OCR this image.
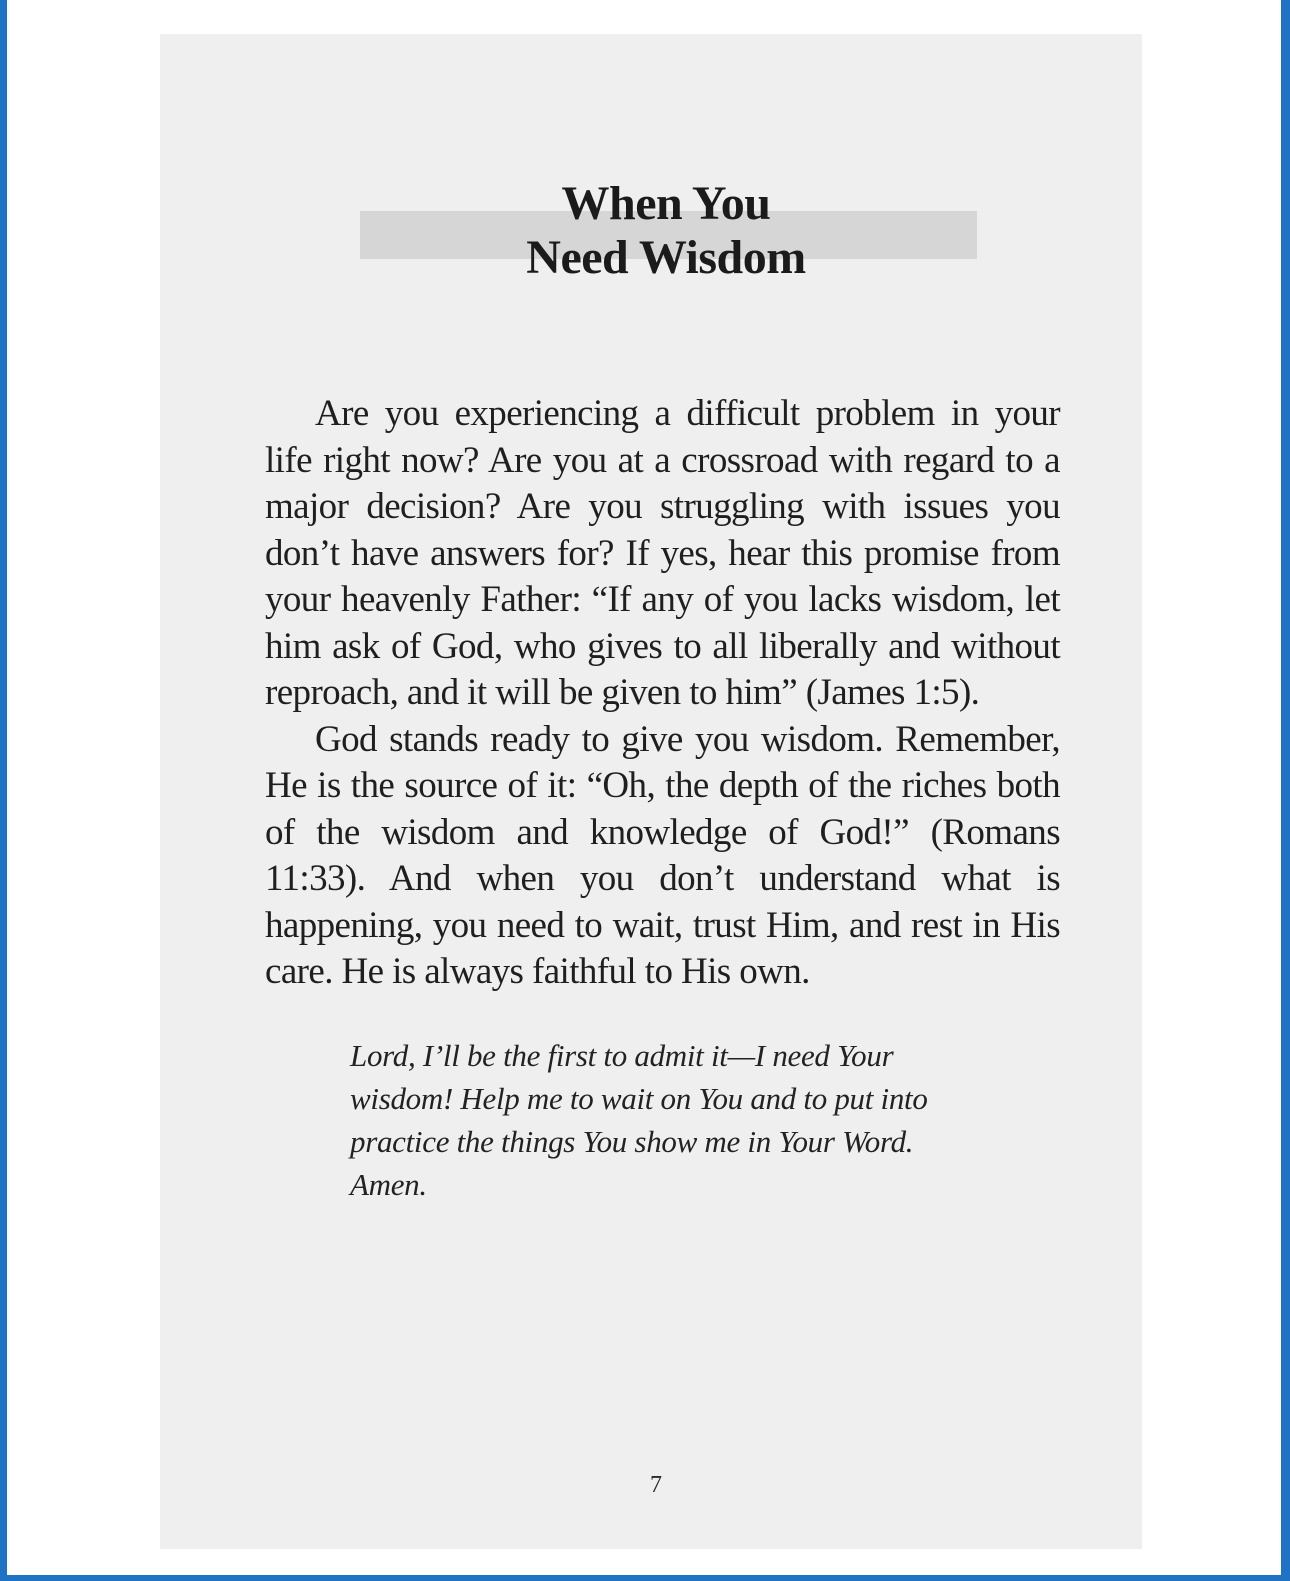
When You
Need Wisdom

Are you experiencing a difficult problem in your life right now? Are you at a crossroad with regard to a major decision? Are you struggling with issues you don’t have answers for? If yes, hear this promise from your heavenly Father: “If any of you lacks wisdom, let him ask of God, who gives to all liberally and without reproach, and it will be given to him” (James 1:5).

God stands ready to give you wisdom. Remember, He is the source of it: “Oh, the depth of the riches both of the wisdom and knowledge of God!” (Romans 11:33). And when you don’t understand what is happening, you need to wait, trust Him, and rest in His care. He is always faithful to His own.

Lord, I’ll be the first to admit it—I need Your wisdom! Help me to wait on You and to put into practice the things You show me in Your Word. Amen.

7
